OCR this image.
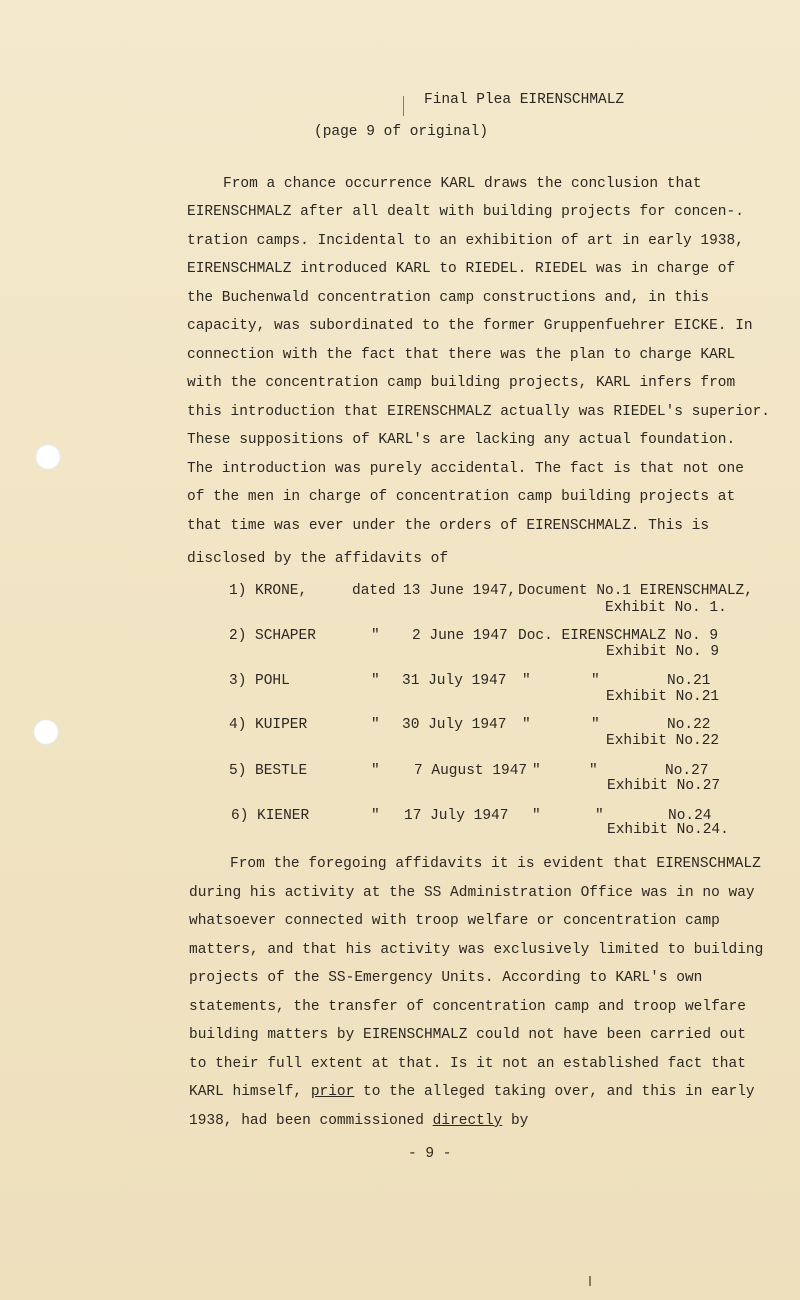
Final Plea EIRENSCHMALZ
(page 9 of original)
From a chance occurrence KARL draws the conclusion that
EIRENSCHMALZ after all dealt with building projects for concen-.
tration camps. Incidental to an exhibition of art in early 1938,
EIRENSCHMALZ introduced KARL to RIEDEL. RIEDEL was in charge of
the Buchenwald concentration camp constructions and, in this
capacity, was subordinated to the former Gruppenfuehrer EICKE. In
connection with the fact that there was the plan to charge KARL
with the concentration camp building projects, KARL infers from
this introduction that EIRENSCHMALZ actually was RIEDEL's superior.
These suppositions of KARL's are lacking any actual foundation.
The introduction was purely accidental. The fact is that not one
of the men in charge of concentration camp building projects at
that time was ever under the orders of EIRENSCHMALZ. This is
disclosed by the affidavits of
1) KRONE,	dated 13 June 1947, Document No.1 EIRENSCHMALZ,
Exhibit No. 1.
2) SCHAPER	" 2 June 1947 Doc. EIRENSCHMALZ No. 9
Exhibit No. 9
3) POHL	" 31 July 1947 "	"	No.21
Exhibit No.21
4) KUIPER	" 30 July 1947 "	"	No.22
Exhibit No.22
5) BESTLE	" 7 August 1947 "	"	No.27
Exhibit No.27
6) KIENER	" 17 July 1947 "	"	No.24
Exhibit No.24.
From the foregoing affidavits it is evident that EIRENSCHMALZ
during his activity at the SS Administration Office was in no way
whatsoever connected with troop welfare or concentration camp
matters, and that his activity was exclusively limited to building
projects of the SS-Emergency Units. According to KARL's own
statements, the transfer of concentration camp and troop welfare
building matters by EIRENSCHMALZ could not have been carried out
to their full extent at that. Is it not an established fact that
KARL himself, prior to the alleged taking over, and this in early
1938, had been commissioned directly by
- 9 -
